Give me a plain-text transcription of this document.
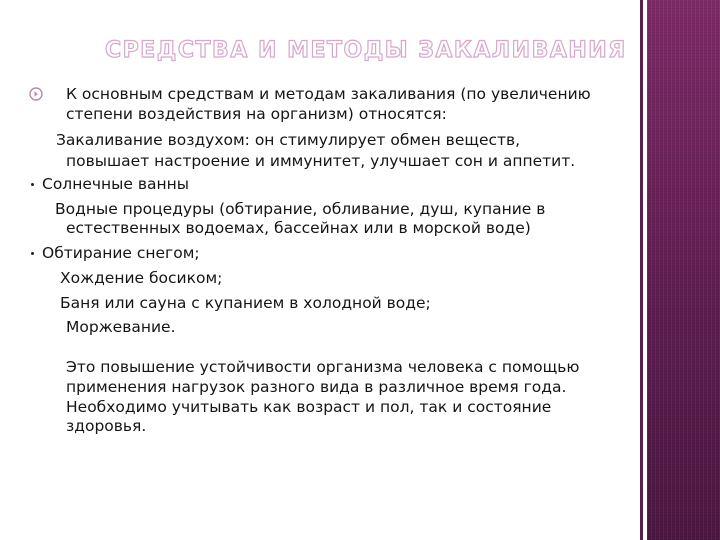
СРЕДСТВА И МЕТОДЫ ЗАКАЛИВАНИЯ
К основным средствам и методам закаливания (по увеличению
степени воздействия на организм) относятся:
Закаливание воздухом: он стимулирует обмен веществ,
повышает настроение и иммунитет, улучшает сон и аппетит.
Солнечные ванны
Водные процедуры (обтирание, обливание, душ, купание в
естественных водоемах, бассейнах или в морской воде)
Обтирание снегом;
Хождение босиком;
Баня или сауна с купанием в холодной воде;
Моржевание.
Это повышение устойчивости организма человека с помощью
применения нагрузок разного вида в различное время года.
Необходимо учитывать как возраст и пол, так и состояние
здоровья.
